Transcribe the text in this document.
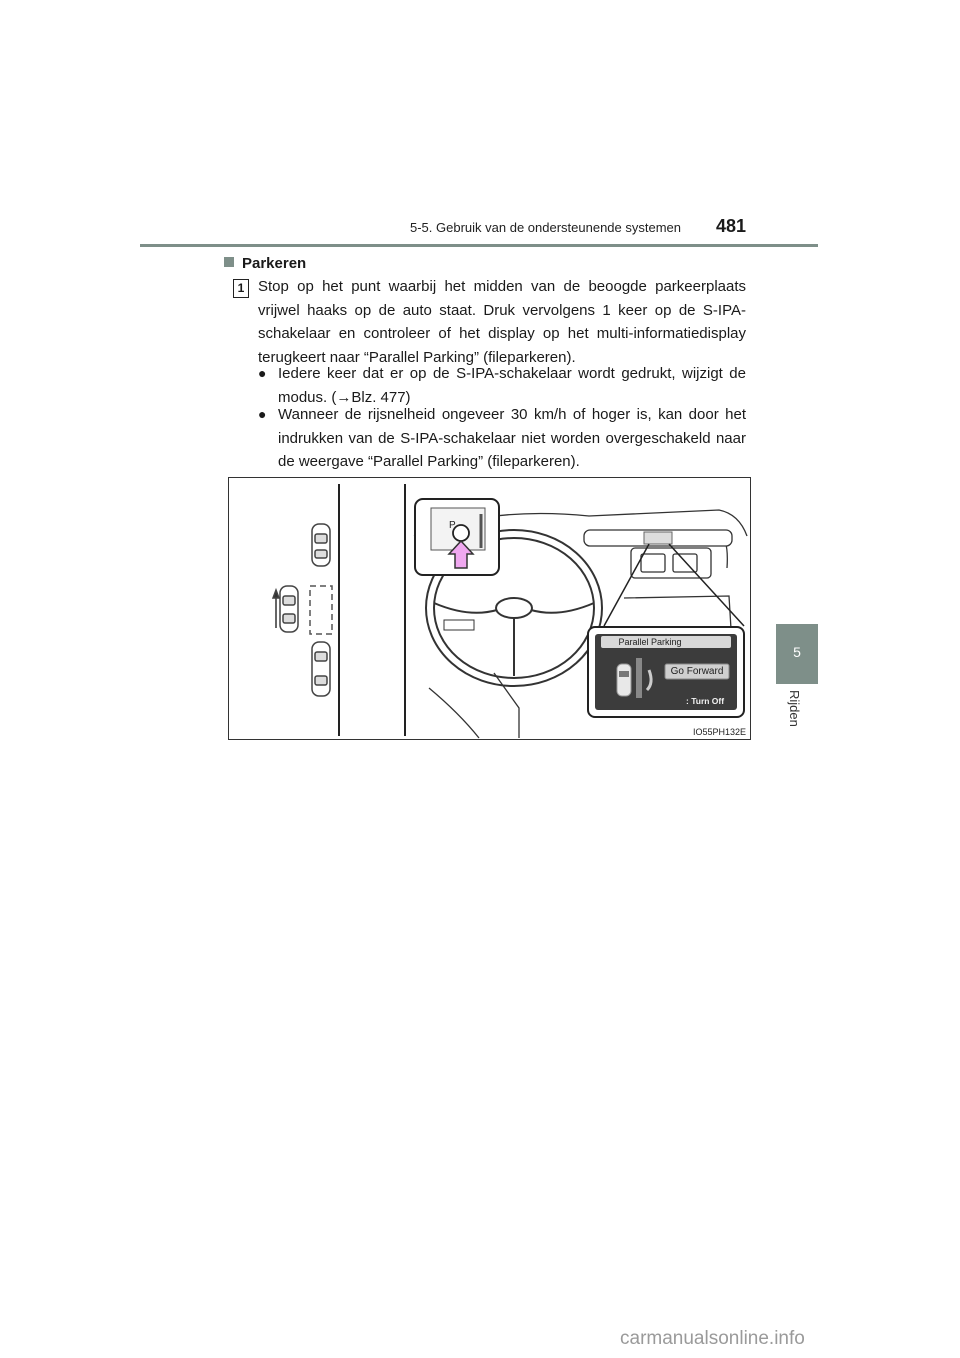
5-5. Gebruik van de ondersteunende systemen 481
5
Rijden
Parkeren
1 Stop op het punt waarbij het midden van de beoogde parkeerplaats vrijwel haaks op de auto staat. Druk vervolgens 1 keer op de S-IPA-schakelaar en controleer of het display op het multi-informatiedisplay terugkeert naar “Parallel Parking” (fileparkeren).
● Iedere keer dat er op de S-IPA-schakelaar wordt gedrukt, wijzigt de modus. (→Blz. 477)
● Wanneer de rijsnelheid ongeveer 30 km/h of hoger is, kan door het indrukken van de S-IPA-schakelaar niet worden overgeschakeld naar de weergave “Parallel Parking” (fileparkeren).
P
Parallel Parking
Go Forward
: Turn Off
IO55PH132E
carmanualsonline.info
